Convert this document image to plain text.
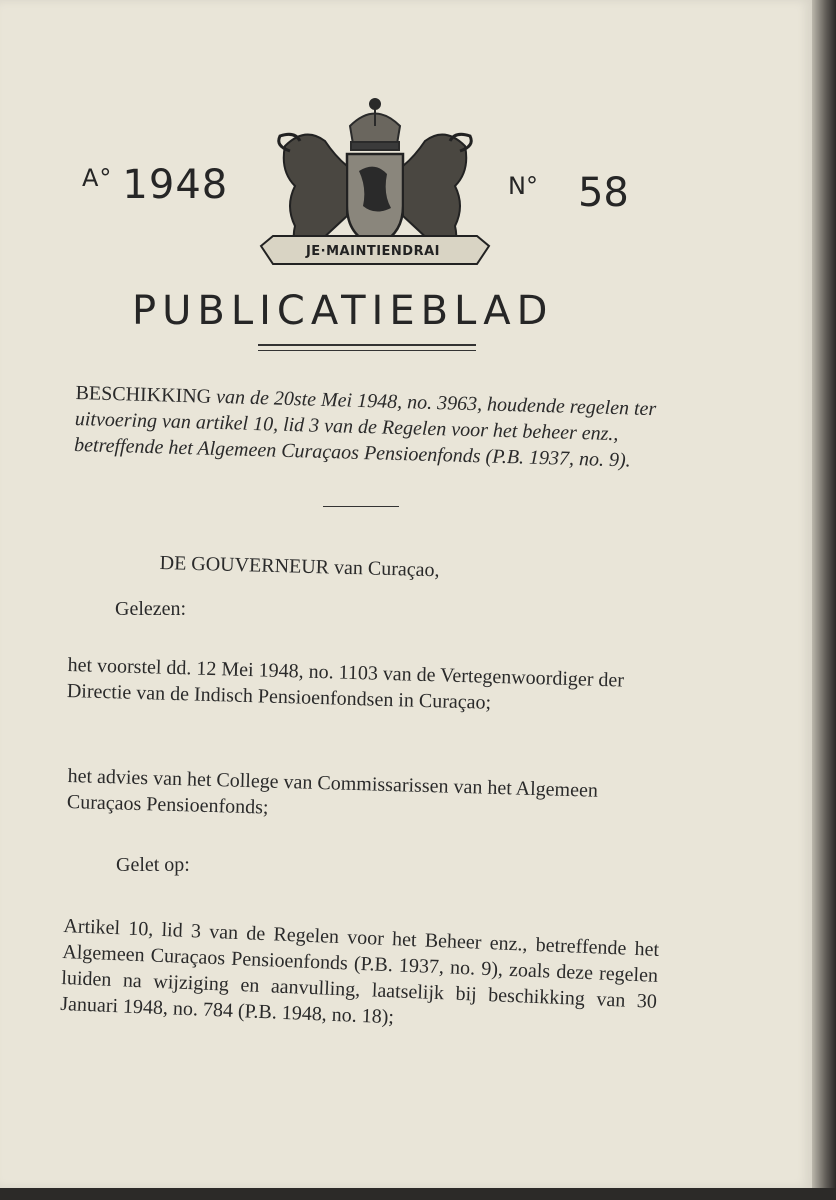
$^{A^\circ}$ 1948
JE·MAINTIENDRAI
$^{N^\circ}$ 58
PUBLICATIEBLAD
BESCHIKKING van de 20ste Mei 1948, no. 3963, houdende regelen ter uitvoering van artikel 10, lid 3 van de Regelen voor het beheer enz., betreffende het Algemeen Curaçaos Pensioenfonds (P.B. 1937, no. 9).
DE GOUVERNEUR van Curaçao,
Gelezen:
het voorstel dd. 12 Mei 1948, no. 1103 van de Vertegenwoordiger der Directie van de Indisch Pensioenfondsen in Curaçao;
het advies van het College van Commissarissen van het Algemeen Curaçaos Pensioenfonds;
Gelet op:
Artikel 10, lid 3 van de Regelen voor het Beheer enz., betreffende het Algemeen Curaçaos Pensioenfonds (P.B. 1937, no. 9), zoals deze regelen luiden na wijziging en aanvulling, laatselijk bij beschikking van 30 Januari 1948, no. 784 (P.B. 1948, no. 18);
